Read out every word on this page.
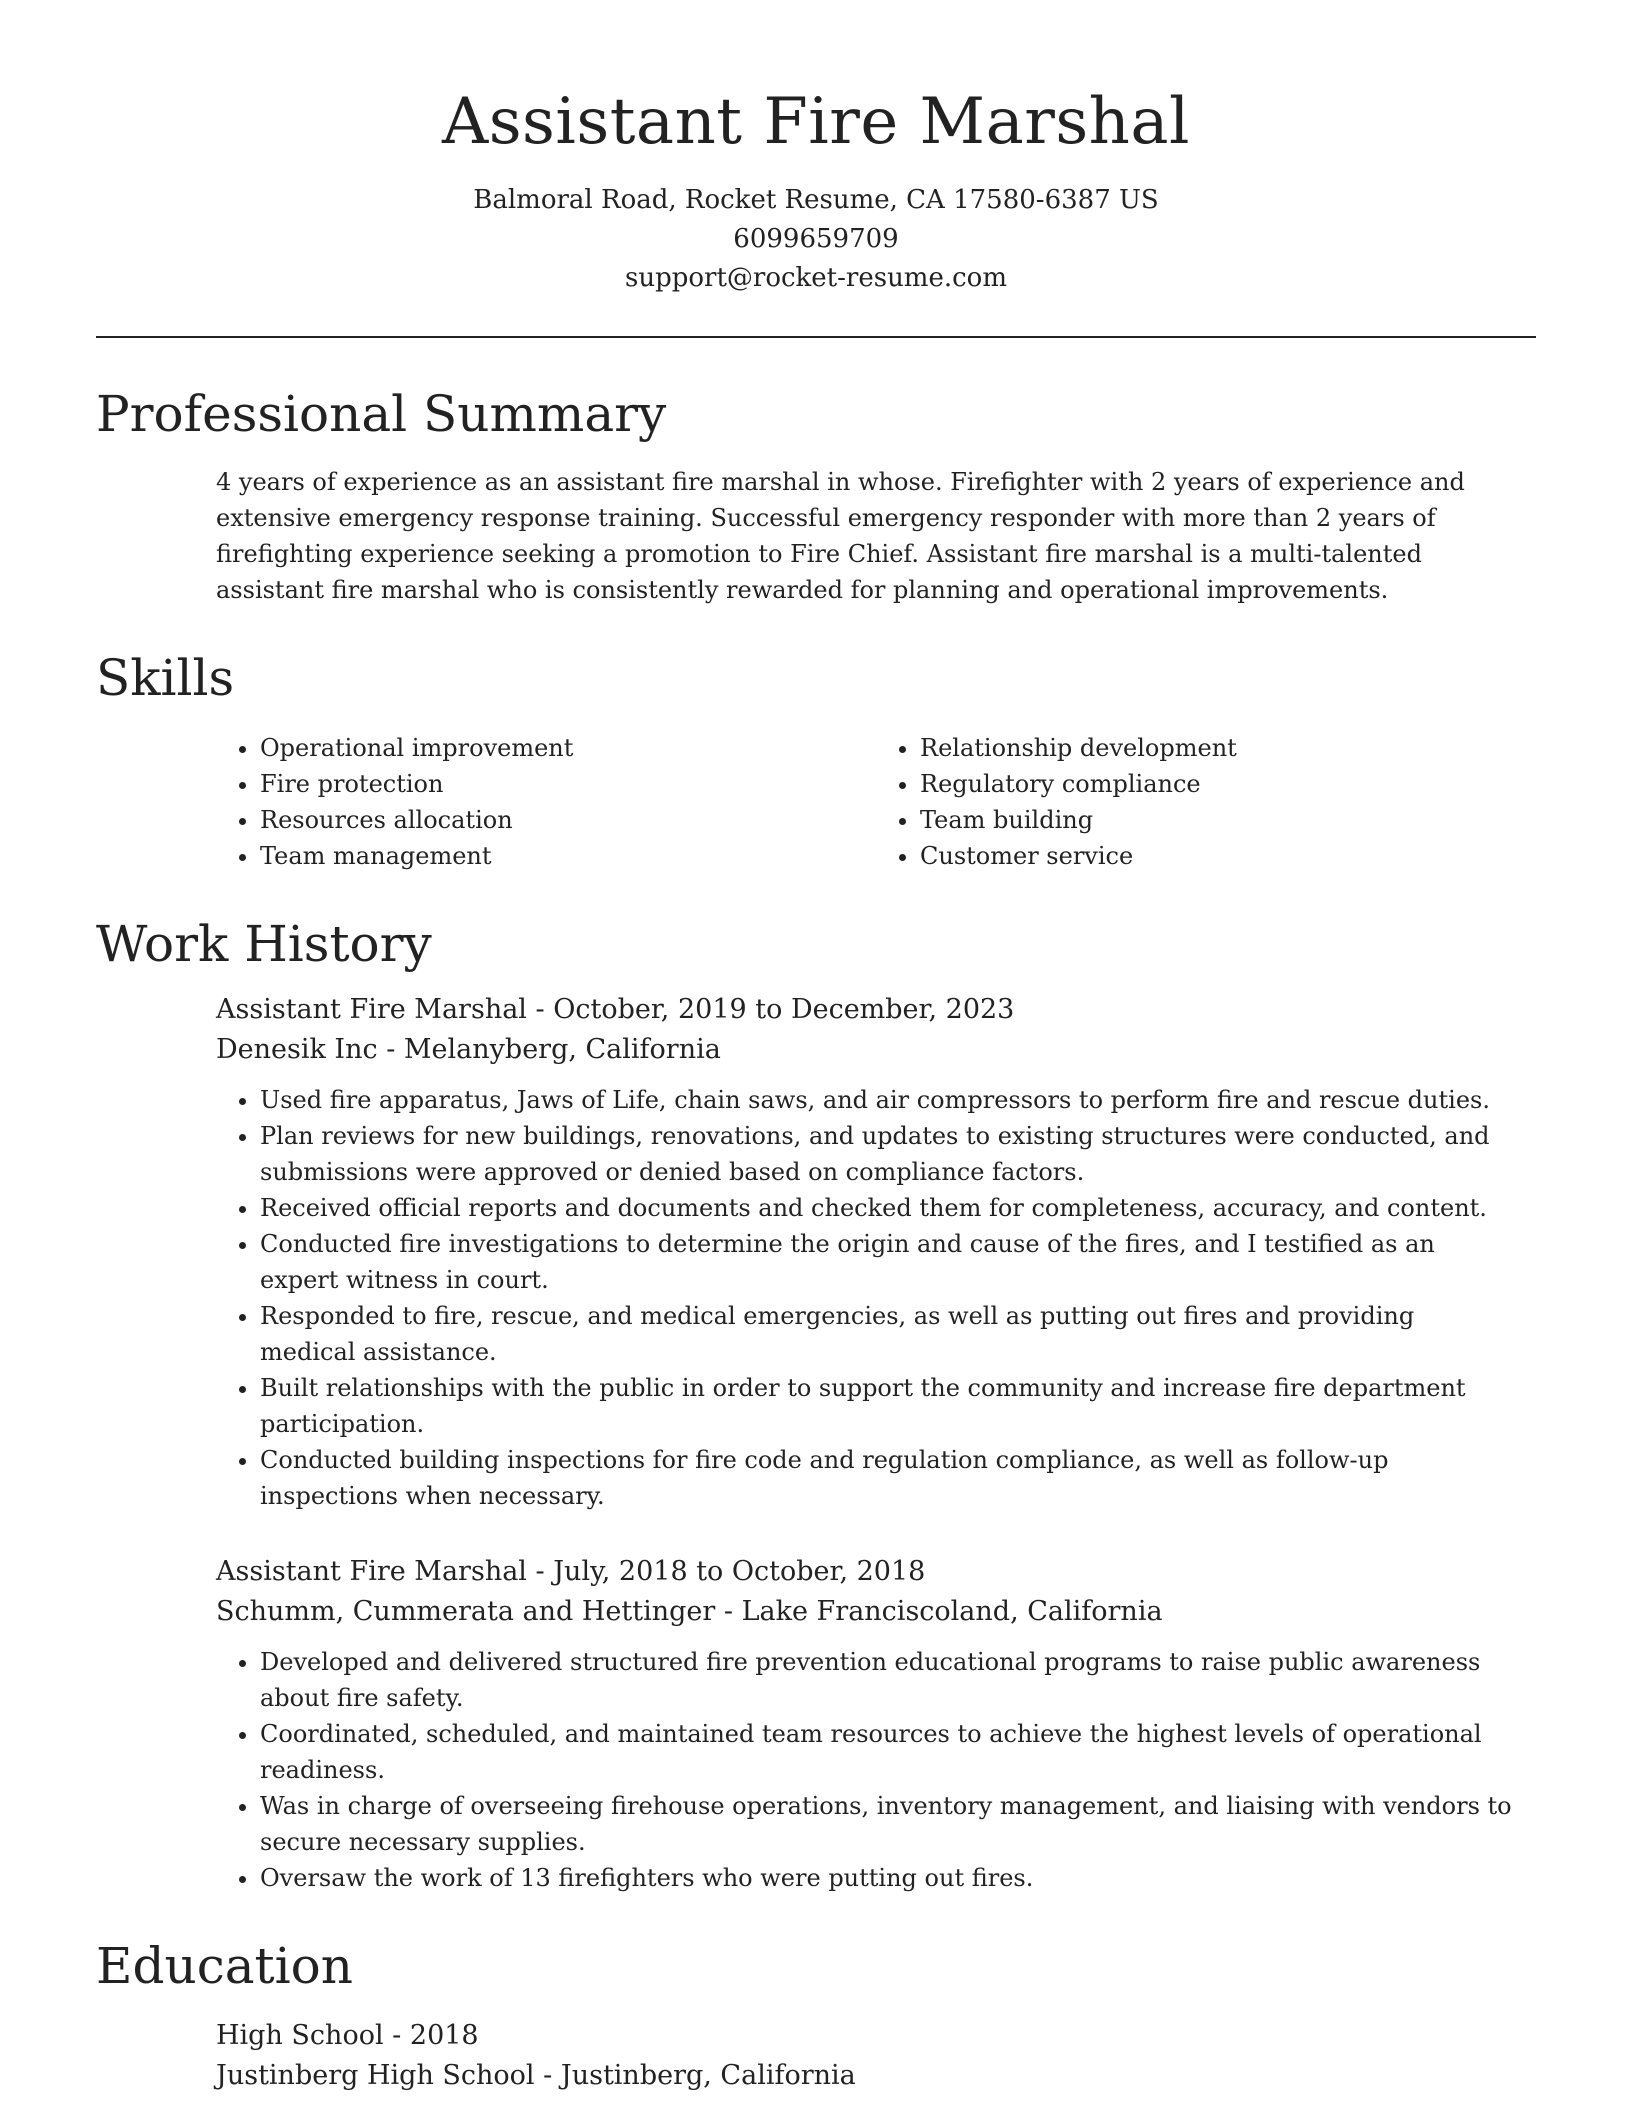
Assistant Fire Marshal
Balmoral Road, Rocket Resume, CA 17580-6387 US
6099659709
support@rocket-resume.com
Professional Summary
4 years of experience as an assistant fire marshal in whose. Firefighter with 2 years of experience and extensive emergency response training. Successful emergency responder with more than 2 years of firefighting experience seeking a promotion to Fire Chief. Assistant fire marshal is a multi-talented assistant fire marshal who is consistently rewarded for planning and operational improvements.
Skills
• Operational improvement
• Fire protection
• Resources allocation
• Team management
• Relationship development
• Regulatory compliance
• Team building
• Customer service
Work History
Assistant Fire Marshal - October, 2019 to December, 2023
Denesik Inc - Melanyberg, California
• Used fire apparatus, Jaws of Life, chain saws, and air compressors to perform fire and rescue duties.
• Plan reviews for new buildings, renovations, and updates to existing structures were conducted, and submissions were approved or denied based on compliance factors.
• Received official reports and documents and checked them for completeness, accuracy, and content.
• Conducted fire investigations to determine the origin and cause of the fires, and I testified as an expert witness in court.
• Responded to fire, rescue, and medical emergencies, as well as putting out fires and providing medical assistance.
• Built relationships with the public in order to support the community and increase fire department participation.
• Conducted building inspections for fire code and regulation compliance, as well as follow-up inspections when necessary.
Assistant Fire Marshal - July, 2018 to October, 2018
Schumm, Cummerata and Hettinger - Lake Franciscoland, California
• Developed and delivered structured fire prevention educational programs to raise public awareness about fire safety.
• Coordinated, scheduled, and maintained team resources to achieve the highest levels of operational readiness.
• Was in charge of overseeing firehouse operations, inventory management, and liaising with vendors to secure necessary supplies.
• Oversaw the work of 13 firefighters who were putting out fires.
Education
High School - 2018
Justinberg High School - Justinberg, California
